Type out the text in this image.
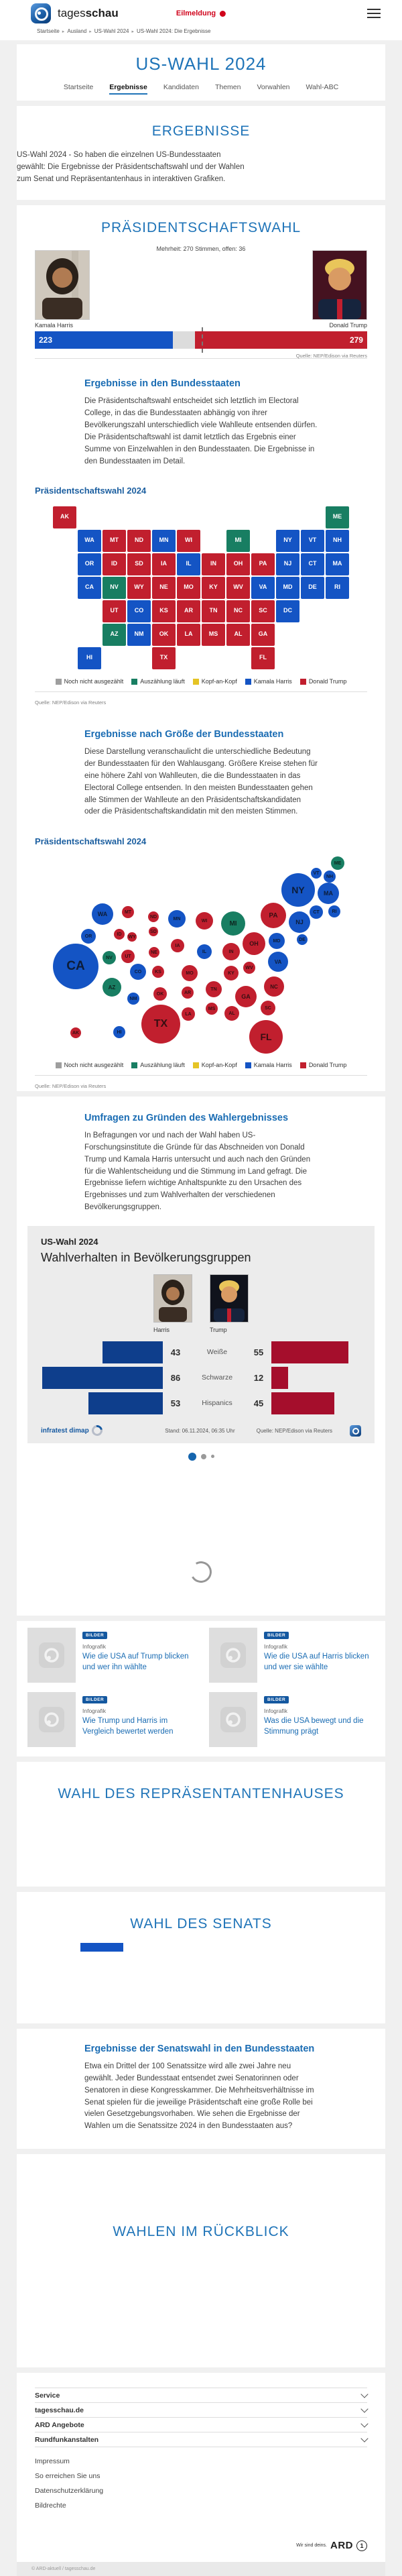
tagesschau	Eilmeldung
Startseite ▸ Ausland ▸ US-Wahl 2024 ▸ US-Wahl 2024: Die Ergebnisse
US-WAHL 2024
Startseite Ergebnisse Kandidaten Themen Vorwahlen Wahl-ABC
ERGEBNISSE

US-Wahl 2024 - So haben die einzelnen US-Bundesstaaten gewählt: Die Ergebnisse der Präsidentschaftswahl und der Wahlen zum Senat und Repräsentantenhaus in interaktiven Grafiken.

PRÄSIDENTSCHAFTSWAHL
Mehrheit: 270 Stimmen, offen: 36
Kamala Harris	Donald Trump
223	279
Quelle: NEP/Edison via Reuters
Ergebnisse in den Bundesstaaten

Die Präsidentschaftswahl entscheidet sich letztlich im Electoral College, in das die Bundesstaaten abhängig von ihrer Bevölkerungszahl unterschiedlich viele Wahlleute entsenden dürfen. Die Präsidentschaftswahl ist damit letztlich das Ergebnis einer Summe von Einzelwahlen in den Bundesstaaten. Die Ergebnisse in den Bundesstaaten im Detail.

Präsidentschaftswahl 2024
AK	ME
WA	MT	ND	MN	WI	MI	NY	VT	NH
OR	ID	SD	IA	IL	IN	OH	PA	NJ	CT	MA
CA	NV	WY	NE	MO	KY	WV	VA	MD	DE	RI
UT	CO	KS	AR	TN	NC	SC	DC
AZ	NM	OK	LA	MS	AL	GA
HI	TX	FL
Noch nicht ausgezählt	Auszählung läuft	Kopf-an-Kopf	Kamala Harris	Donald Trump
Quelle: NEP/Edison via Reuters
Ergebnisse nach Größe der Bundesstaaten

Diese Darstellung veranschaulicht die unterschiedliche Bedeutung der Bundesstaaten für den Wahlausgang. Größere Kreise stehen für eine höhere Zahl von Wahlleuten, die die Bundesstaaten in das Electoral College entsenden. In den meisten Bundesstaaten gehen alle Stimmen der Wahlleute an den Präsidentschaftskandidaten oder die Präsidentschaftskandidatin mit den meisten Stimmen.

Präsidentschaftswahl 2024
ME
VT
NH
NY	MA
WA	MT
ND	MN	WI	MI
PA	CT	RI
NJ
OR	ID
WY
SD
DE
MD
OH
IA
NE	IL	IN
NV	UT
CA	VA
WV
KY
CO	KS	MO
NC
AZ	TN
GA
OK	AR
NM
SC
MS
AL
LA
TX
AK	HI	FL
Noch nicht ausgezählt	Auszählung läuft	Kopf-an-Kopf	Kamala Harris	Donald Trump
Quelle: NEP/Edison via Reuters
Umfragen zu Gründen des Wahlergebnisses

In Befragungen vor und nach der Wahl haben US-Forschungsinstitute die Gründe für das Abschneiden von Donald Trump und Kamala Harris untersucht und auch nach den Gründen für die Wahlentscheidung und die Stimmung im Land gefragt. Die Ergebnisse liefern wichtige Anhaltspunkte zu den Ursachen des Ergebnisses und zum Wahlverhalten der verschiedenen Bevölkerungsgruppen.

US-Wahl 2024
Wahlverhalten in Bevölkerungsgruppen
Harris	Trump
43	Weiße	55
86	Schwarze	12
53	Hispanics	45
infratest dimap	Stand: 06.11.2024, 06:35 Uhr	Quelle: NEP/Edison via Reuters
BILDER
Infografik
Wie die USA auf Trump blicken und wer ihn wählte
BILDER
Infografik
Wie die USA auf Harris blicken und wer sie wählte
BILDER
Infografik
Wie Trump und Harris im Vergleich bewertet werden
BILDER
Infografik
Was die USA bewegt und die Stimmung prägt
WAHL DES REPRÄSENTANTENHAUSES
WAHL DES SENATS
Ergebnisse der Senatswahl in den Bundesstaaten

Etwa ein Drittel der 100 Senatssitze wird alle zwei Jahre neu gewählt. Jeder Bundesstaat entsendet zwei Senatorinnen oder Senatoren in diese Kongresskammer. Die Mehrheitsverhältnisse im Senat spielen für die jeweilige Präsidentschaft eine große Rolle bei vielen Gesetzgebungsvorhaben. Wie sehen die Ergebnisse der Wahlen um die Senatssitze 2024 in den Bundesstaaten aus?

WAHLEN IM RÜCKBLICK
Service
tagesschau.de
ARD Angebote
Rundfunkanstalten
Impressum
So erreichen Sie uns
Datenschutzerklärung
Bildrechte
Wir sind deins. ARD	1
© ARD-aktuell / tagesschau.de
